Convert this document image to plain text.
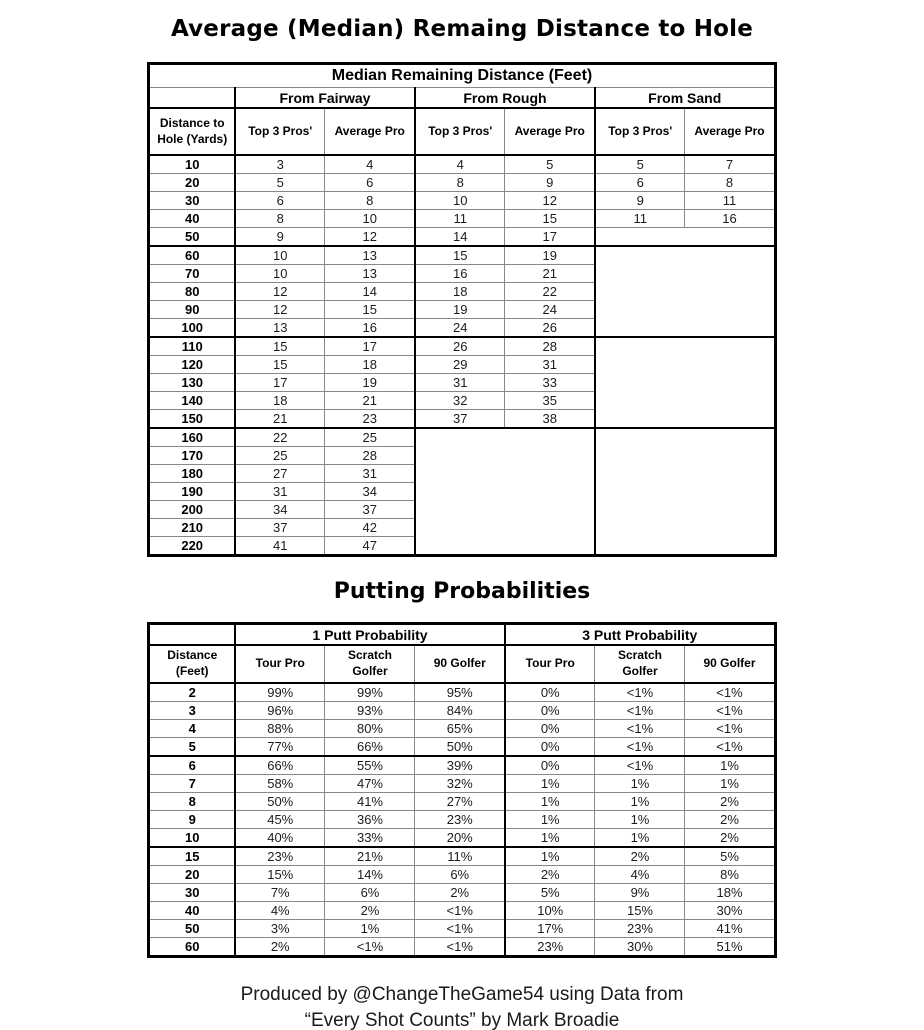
Average (Median) Remaing Distance to Hole
Median Remaining Distance (Feet)						
	From Fairway		From Rough		From Sand	
Distance to Hole (Yards)	Top 3 Pros'	Average Pro	Top 3 Pros'	Average Pro	Top 3 Pros'	Average Pro
10	3	4	4	5	5	7
20	5	6	8	9	6	8
30	6	8	10	12	9	11
40	8	10	11	15	11	16
50	9	12	14	17		
60	10	13	15	19		
70	10	13	16	21		
80	12	14	18	22		
90	12	15	19	24		
100	13	16	24	26		
110	15	17	26	28		
120	15	18	29	31		
130	17	19	31	33		
140	18	21	32	35		
150	21	23	37	38		
160	22	25				
170	25	28				
180	27	31				
190	31	34				
200	34	37				
210	37	42				
220	41	47				
Putting Probabilities
	1 Putt Probability			3 Putt Probability		
Distance (Feet)	Tour Pro	Scratch Golfer	90 Golfer	Tour Pro	Scratch Golfer	90 Golfer
2	99%	99%	95%	0%	<1%	<1%
3	96%	93%	84%	0%	<1%	<1%
4	88%	80%	65%	0%	<1%	<1%
5	77%	66%	50%	0%	<1%	<1%
6	66%	55%	39%	0%	<1%	1%
7	58%	47%	32%	1%	1%	1%
8	50%	41%	27%	1%	1%	2%
9	45%	36%	23%	1%	1%	2%
10	40%	33%	20%	1%	1%	2%
15	23%	21%	11%	1%	2%	5%
20	15%	14%	6%	2%	4%	8%
30	7%	6%	2%	5%	9%	18%
40	4%	2%	<1%	10%	15%	30%
50	3%	1%	<1%	17%	23%	41%
60	2%	<1%	<1%	23%	30%	51%
Produced by @ChangeTheGame54 using Data from
“Every Shot Counts” by Mark Broadie
